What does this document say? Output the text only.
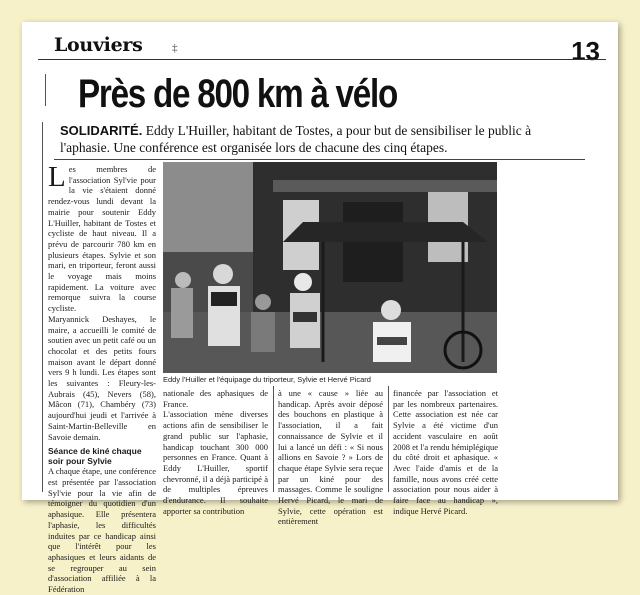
Louviers	‡	13
Près de 800 km à vélo
SOLIDARITÉ. Eddy L'Huiller, habitant de Tostes, a pour but de sensibiliser le public à l'aphasie. Une conférence est organisée lors de chacune des cinq étapes.

Les membres de l'association Syl'vie pour la vie s'étaient donné rendez-vous lundi devant la mairie pour soutenir Eddy L'Huiller, habitant de Tostes et cycliste de haut niveau. Il a prévu de parcourir 780 km en plusieurs étapes. Sylvie et son mari, en triporteur, feront aussi le voyage mais moins rapidement. La voiture avec remorque suivra la course cycliste.

Maryannick Deshayes, le maire, a accueilli le comité de soutien avec un petit café ou un chocolat et des petits fours maison avant le départ donné vers 9 h lundi. Les étapes sont les suivantes : Fleury-les-Aubrais (45), Nevers (58), Mâcon (71), Chambéry (73) aujourd'hui jeudi et l'arrivée à Saint-Martin-Belleville en Savoie demain.

Séance de kiné chaque soir pour Sylvie

A chaque étape, une conférence est présentée par l'association Syl'vie pour la vie afin de témoigner du quotidien d'un aphasique. Elle présentera l'aphasie, les difficultés induites par ce handicap ainsi que l'intérêt pour les aphasiques et leurs aidants de se regrouper au sein d'association affiliée à la Fédération

Eddy l'Huiller et l'équipage du triporteur, Sylvie et Hervé Picard

nationale des aphasiques de France.

L'association mène diverses actions afin de sensibiliser le grand public sur l'aphasie, handicap touchant 300 000 personnes en France. Quant à Eddy L'Huiller, sportif chevronné, il a déjà participé à de multiples épreuves d'endurance. Il souhaite apporter sa contribution

à une « cause » liée au handicap. Après avoir déposé des bouchons en plastique à l'association, il a fait connaissance de Sylvie et il lui a lancé un défi : « Si nous allions en Savoie ? » Lors de chaque étape Sylvie sera reçue par un kiné pour des massages. Comme le souligne Hervé Picard, le mari de Sylvie, cette opération est entièrement

financée par l'association et par les nombreux partenaires. Cette association est née car Sylvie a été victime d'un accident vasculaire en août 2008 et l'a rendu hémiplégique du côté droit et aphasique. « Avec l'aide d'amis et de la famille, nous avons créé cette association pour nous aider à faire face au handicap », indique Hervé Picard.
